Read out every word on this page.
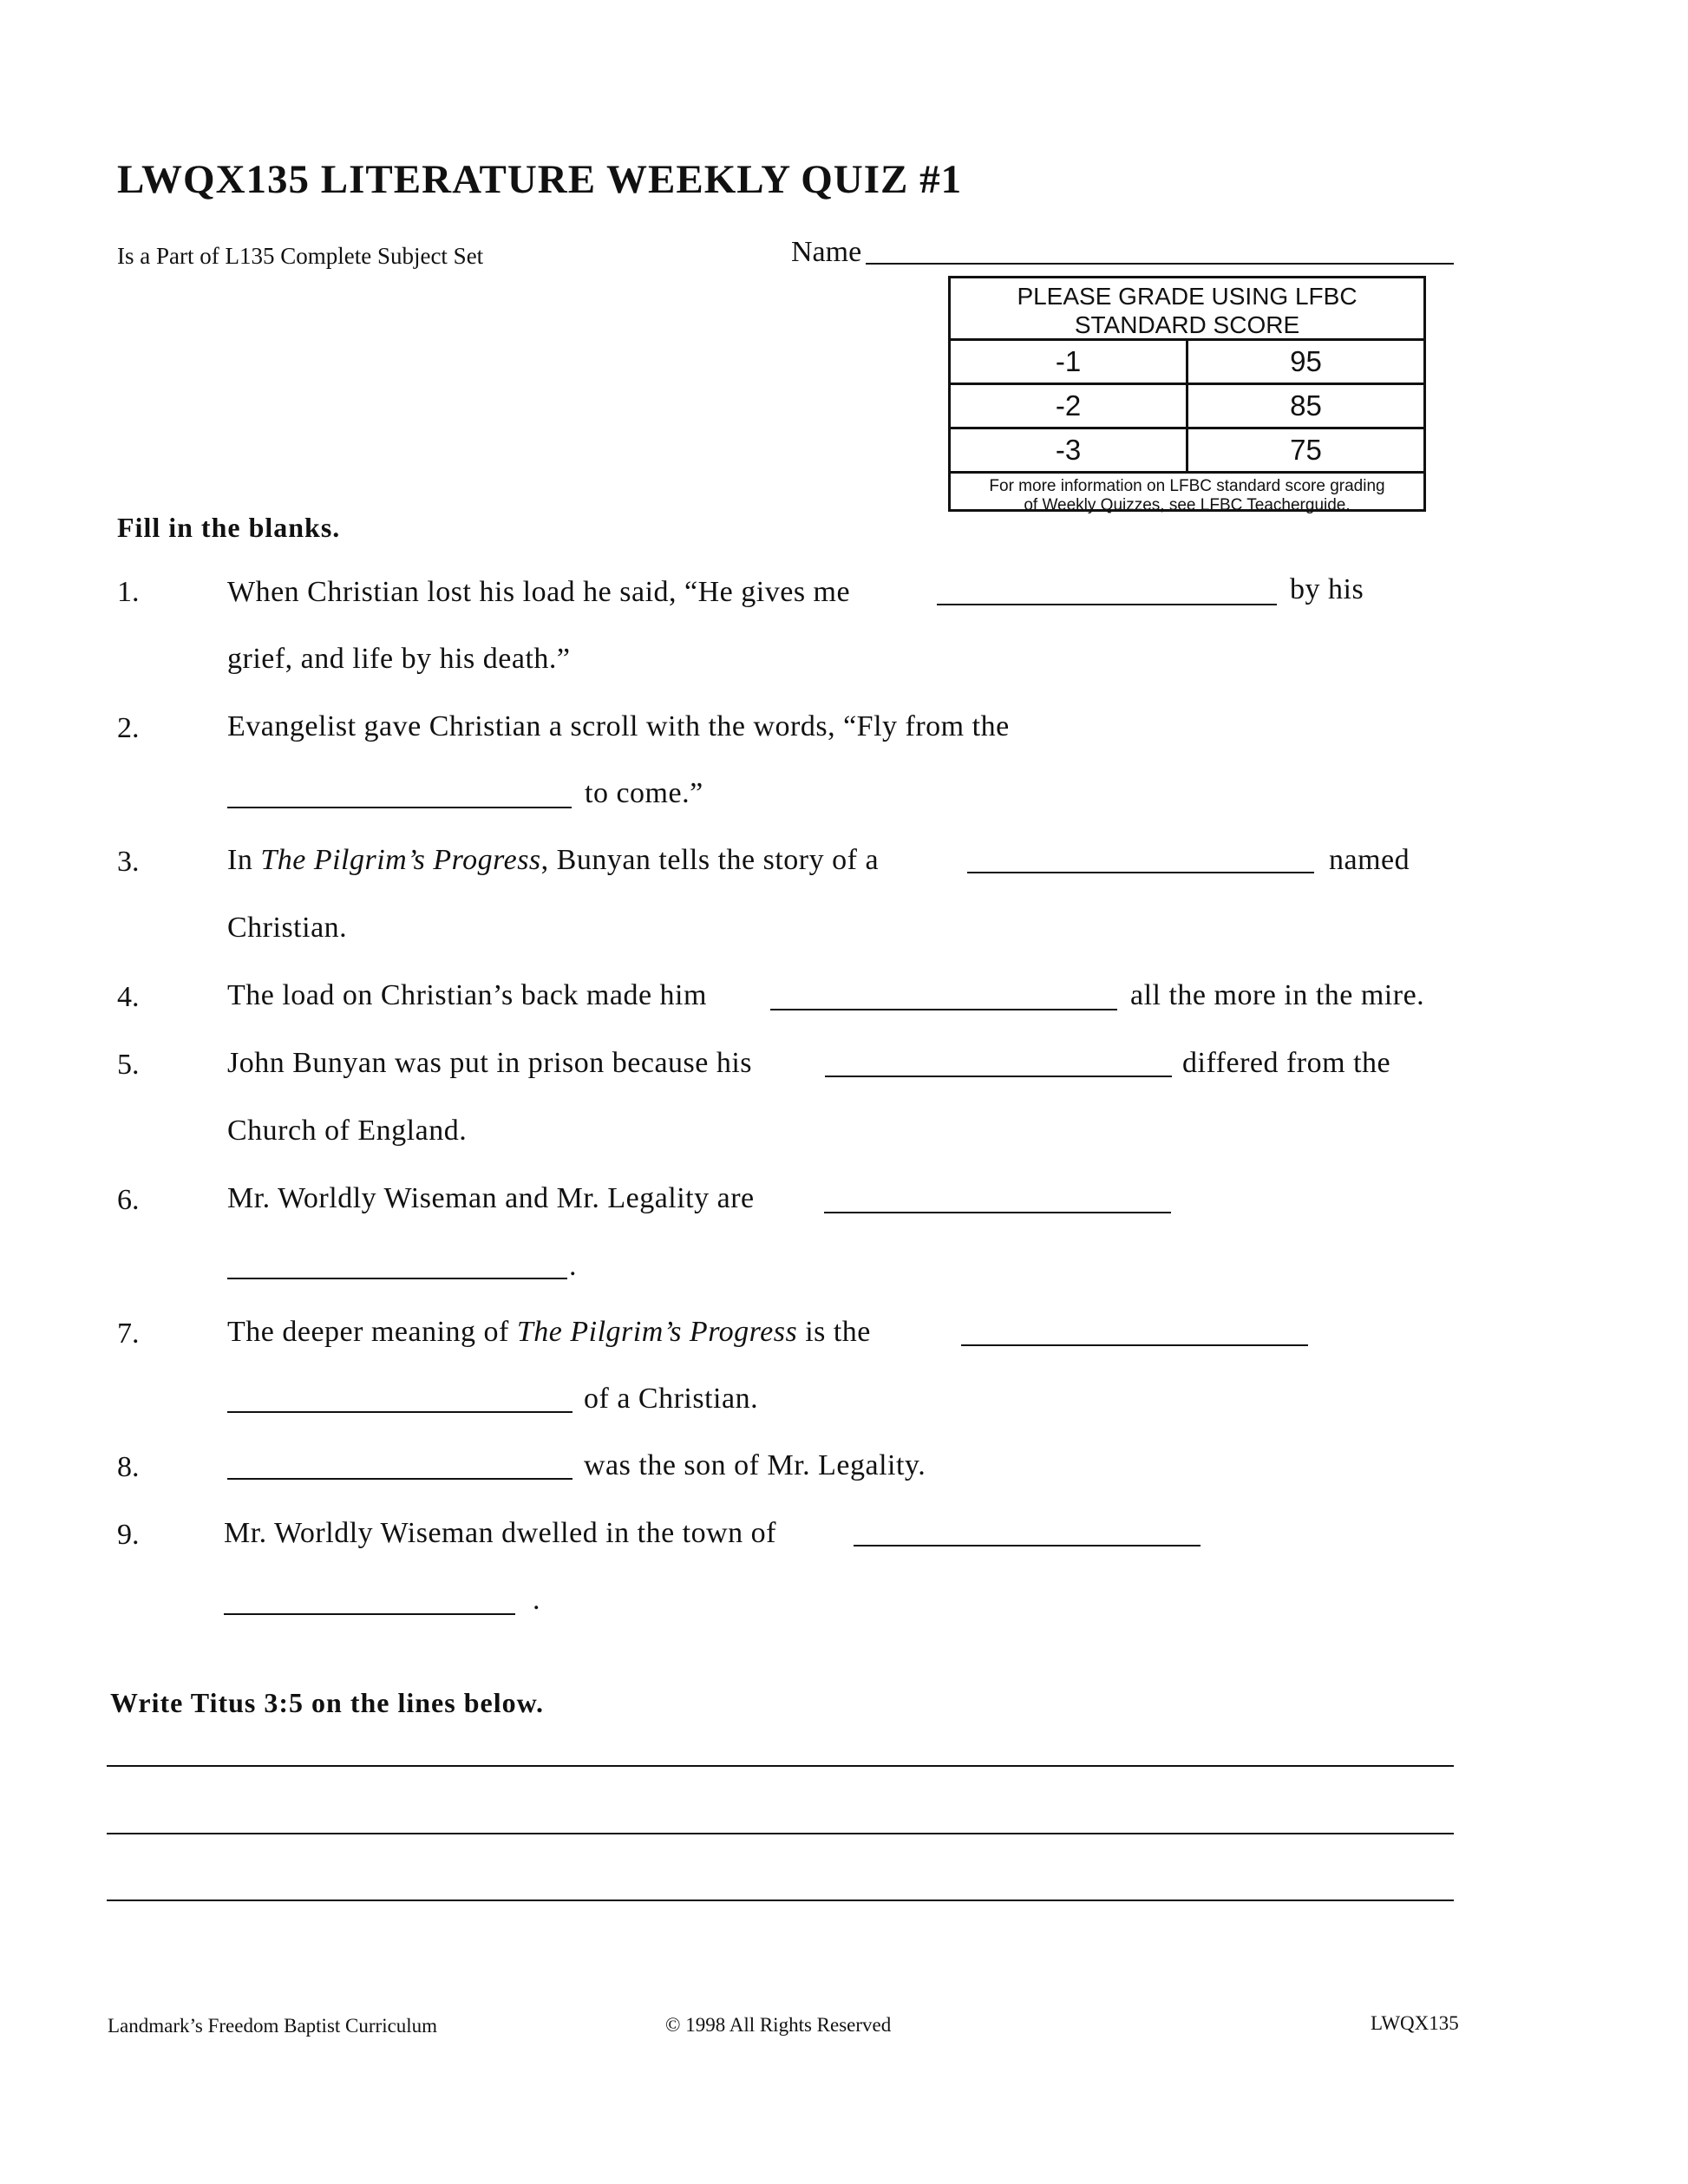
LWQX135 LITERATURE WEEKLY QUIZ #1
Is a Part of L135 Complete Subject Set	Name
PLEASE GRADE USING LFBC
STANDARD SCORE
-1	95
-2	85
-3	75
For more information on LFBC standard score grading
of Weekly Quizzes, see LFBC Teacherguide.
Fill in the blanks.
1.	When Christian lost his load he said, “He gives me	by his
grief, and life by his death.”
2.	Evangelist gave Christian a scroll with the words, “Fly from the
to come.”
3.	In The Pilgrim’s Progress, Bunyan tells the story of a	named
Christian.
4.	The load on Christian’s back made him	all the more in the mire.
5.	John Bunyan was put in prison because his	differed from the
Church of England.
6.	Mr. Worldly Wiseman and Mr. Legality are
.
7.	The deeper meaning of The Pilgrim’s Progress is the
of a Christian.
8.	was the son of Mr. Legality.
9.	Mr. Worldly Wiseman dwelled in the town of
.
Write Titus 3:5 on the lines below.
Landmark’s Freedom Baptist Curriculum	© 1998 All Rights Reserved	LWQX135
